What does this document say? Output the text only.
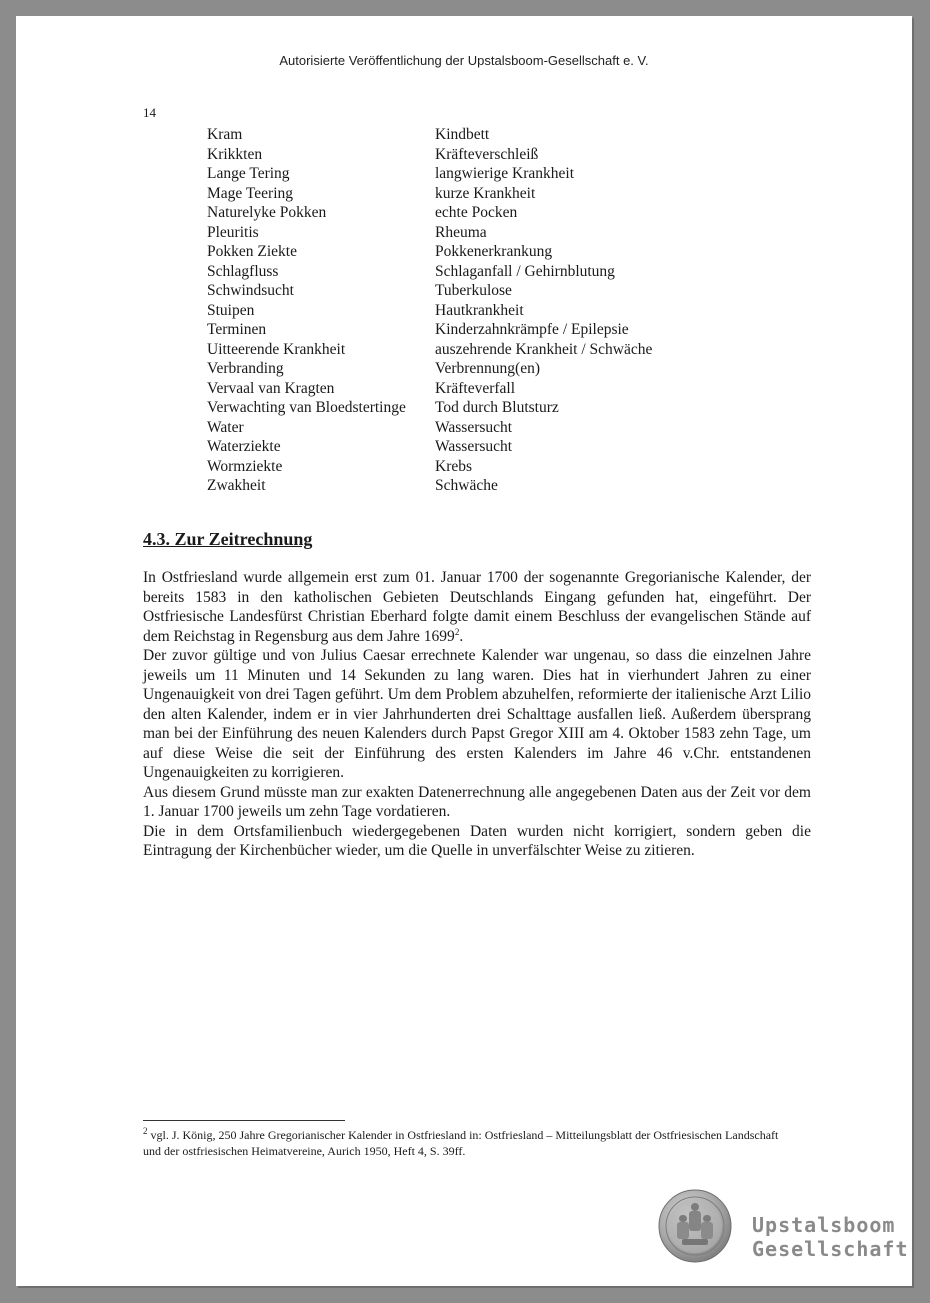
Autorisierte Veröffentlichung der Upstalsboom-Gesellschaft e. V.
14
Kram	Kindbett
Krikkten	Kräfteverschleiß
Lange Tering	langwierige Krankheit
Mage Teering	kurze Krankheit
Naturelyke Pokken	echte Pocken
Pleuritis	Rheuma
Pokken Ziekte	Pokkenerkrankung
Schlagfluss	Schlaganfall / Gehirnblutung
Schwindsucht	Tuberkulose
Stuipen	Hautkrankheit
Terminen	Kinderzahnkrämpfe / Epilepsie
Uitteerende Krankheit	auszehrende Krankheit / Schwäche
Verbranding	Verbrennung(en)
Vervaal van Kragten	Kräfteverfall
Verwachting van Bloedstertinge	Tod durch Blutsturz
Water	Wassersucht
Waterziekte	Wassersucht
Wormziekte	Krebs
Zwakheit	Schwäche
4.3. Zur Zeitrechnung

In Ostfriesland wurde allgemein erst zum 01. Januar 1700 der sogenannte Gregorianische Kalender, der bereits 1583 in den katholischen Gebieten Deutschlands Eingang gefunden hat, eingeführt. Der Ostfriesische Landesfürst Christian Eberhard folgte damit einem Beschluss der evangelischen Stände auf dem Reichstag in Regensburg aus dem Jahre 1699$^2$.

Der zuvor gültige und von Julius Caesar errechnete Kalender war ungenau, so dass die einzelnen Jahre jeweils um 11 Minuten und 14 Sekunden zu lang waren. Dies hat in vierhundert Jahren zu einer Ungenauigkeit von drei Tagen geführt. Um dem Problem abzuhelfen, reformierte der italienische Arzt Lilio den alten Kalender, indem er in vier Jahrhunderten drei Schalttage ausfallen ließ. Außerdem übersprang man bei der Einführung des neuen Kalenders durch Papst Gregor XIII am 4. Oktober 1583 zehn Tage, um auf diese Weise die seit der Einführung des ersten Kalenders im Jahre 46 v.Chr. entstandenen Ungenauigkeiten zu korrigieren.

Aus diesem Grund müsste man zur exakten Datenerrechnung alle angegebenen Daten aus der Zeit vor dem 1. Januar 1700 jeweils um zehn Tage vordatieren.

Die in dem Ortsfamilienbuch wiedergegebenen Daten wurden nicht korrigiert, sondern geben die Eintragung der Kirchenbücher wieder, um die Quelle in unverfälschter Weise zu zitieren.

$^2$ vgl. J. König, 250 Jahre Gregorianischer Kalender in Ostfriesland in: Ostfriesland – Mitteilungsblatt der Ostfriesischen Landschaft und der ostfriesischen Heimatvereine, Aurich 1950, Heft 4, S. 39ff.

Upstalsboom
Gesellschaft
